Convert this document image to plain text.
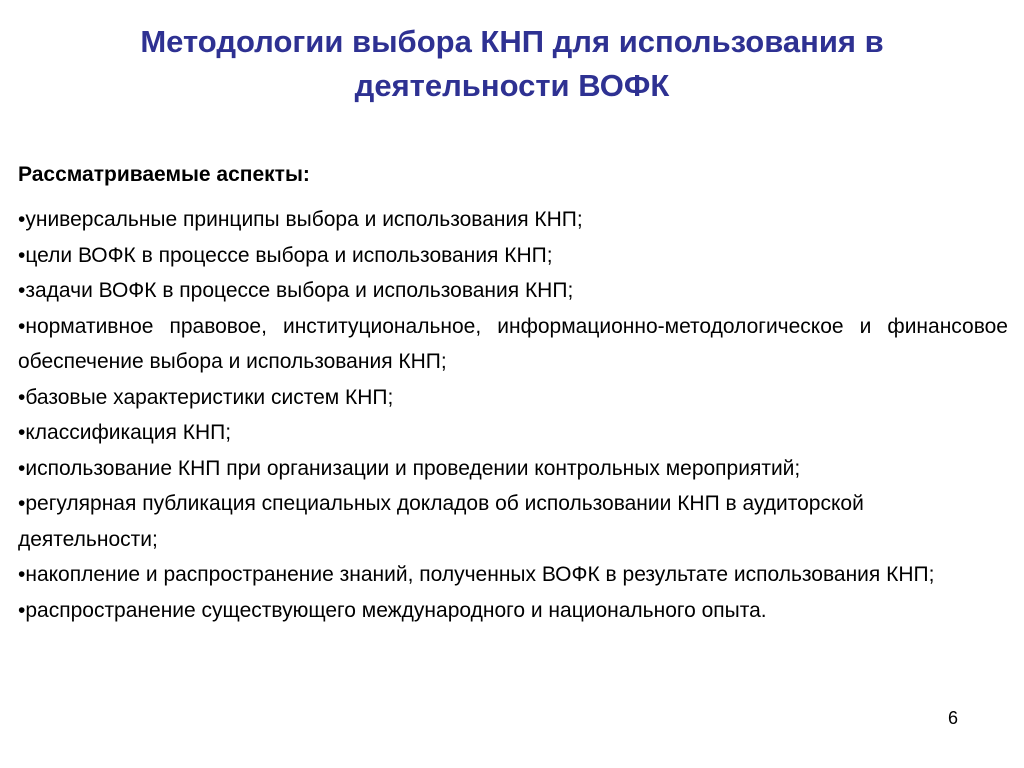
Методологии выбора КНП для использования в деятельности ВОФК
Рассматриваемые аспекты:
•универсальные принципы выбора и использования КНП;
•цели ВОФК в процессе выбора и использования КНП;
•задачи ВОФК в процессе выбора и использования КНП;
•нормативное правовое, институциональное, информационно-методологическое и финансовое обеспечение выбора и использования КНП;
•базовые характеристики систем КНП;
•классификация КНП;
•использование КНП при организации и проведении контрольных мероприятий;
•регулярная публикация специальных докладов об использовании КНП в аудиторской деятельности;
•накопление и распространение знаний, полученных ВОФК в результате использования КНП;
•распространение существующего международного и национального опыта.
6
